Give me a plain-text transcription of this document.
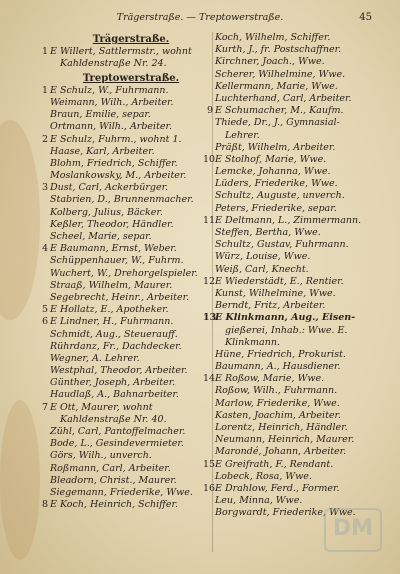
Trägerstraße. — Treptowerstraße.	45
Trägerstraße.
1 E Willert, Sattlermstr., wohnt
Kahldenstraße Nr. 24.
Treptowerstraße.
1 E Schulz, W., Fuhrmann.
Weimann, Wilh., Arbeiter.
Braun, Emilie, separ.
Ortmann, Wilh., Arbeiter.
2 E Schulz, Fuhrm., wohnt 1.
Haase, Karl, Arbeiter.
Blohm, Friedrich, Schiffer.
Moslankowsky, M., Arbeiter.
3 Dust, Carl, Ackerbürger.
Stabrien, D., Brunnenmacher.
Kolberg, Julius, Bäcker.
Keßler, Theodor, Händler.
Scheel, Marie, separ.
4 E Baumann, Ernst, Weber.
Schüppenhauer, W., Fuhrm.
Wuchert, W., Drehorgelspieler.
Straaß, Wilhelm, Maurer.
Segebrecht, Heinr., Arbeiter.
5 E Hollatz, E., Apotheker.
6 E Lindner, H., Fuhrmann.
Schmidt, Aug., Steuerauff.
Rührdanz, Fr., Dachdecker.
Wegner, A. Lehrer.
Westphal, Theodor, Arbeiter.
Günther, Joseph, Arbeiter.
Haudlaß, A., Bahnarbeiter.
7 E Ott, Maurer, wohnt
Kahldenstraße Nr. 40.
Zühl, Carl, Pantoffelmacher.
Bode, L., Gesindevermieter.
Görs, Wilh., unverch.
Roßmann, Carl, Arbeiter.
Bleadorn, Christ., Maurer.
Siegemann, Friederike, Wwe.
8 E Koch, Heinrich, Schiffer.
Koch, Wilhelm, Schiffer.
Kurth, J., fr. Postschaffner.
Kirchner, Joach., Wwe.
Scherer, Wilhelmine, Wwe.
Kellermann, Marie, Wwe.
Luchterhand, Carl, Arbeiter.
9 E Schumacher, M., Kaufm.
Thiede, Dr., J., Gymnasial-
Lehrer.
Präßt, Wilhelm, Arbeiter.
10 E Stolhof, Marie, Wwe.
Lemcke, Johanna, Wwe.
Lüders, Friederike, Wwe.
Schultz, Auguste, unverch.
Peters, Friederike, separ.
11 E Deltmann, L., Zimmermann.
Steffen, Bertha, Wwe.
Schultz, Gustav, Fuhrmann.
Würz, Louise, Wwe.
Weiß, Carl, Knecht.
12 E Wiederstädt, E., Rentier.
Kunst, Wilhelmine, Wwe.
Berndt, Fritz, Arbeiter.
13
E Klinkmann, Aug., Eisen-
gießerei, Inhab.: Wwe. E.
Klinkmann.
Hüne, Friedrich, Prokurist.
Baumann, A., Hausdiener.
14 E Roßow, Marie, Wwe.
Roßow, Wilh., Fuhrmann.
Marlow, Friederike, Wwe.
Kasten, Joachim, Arbeiter.
Lorentz, Heinrich, Händler.
Neumann, Heinrich, Maurer.
Marondé, Johann, Arbeiter.
15 E Greifrath, F., Rendant.
Lobeck, Rosa, Wwe.
16 E Drahlow, Ferd., Former.
Leu, Minna, Wwe.
Borgwardt, Friederike, Wwe.
DM
